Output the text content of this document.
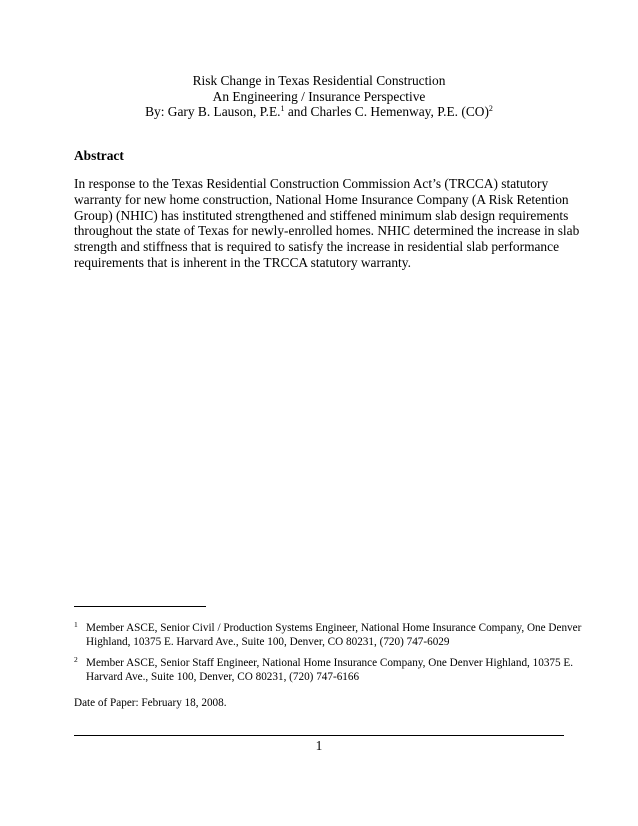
Risk Change in Texas Residential Construction
An Engineering / Insurance Perspective
By: Gary B. Lauson, P.E.$^1$ and Charles C. Hemenway, P.E. (CO)$^2$
Abstract
In response to the Texas Residential Construction Commission Act’s (TRCCA) statutory
warranty for new home construction, National Home Insurance Company (A Risk Retention
Group) (NHIC) has instituted strengthened and stiffened minimum slab design requirements
throughout the state of Texas for newly-enrolled homes. NHIC determined the increase in slab
strength and stiffness that is required to satisfy the increase in residential slab performance
requirements that is inherent in the TRCCA statutory warranty.
1 Member ASCE, Senior Civil / Production Systems Engineer, National Home Insurance Company, One Denver
Highland, 10375 E. Harvard Ave., Suite 100, Denver, CO 80231, (720) 747-6029
2 Member ASCE, Senior Staff Engineer, National Home Insurance Company, One Denver Highland, 10375 E.
Harvard Ave., Suite 100, Denver, CO 80231, (720) 747-6166
Date of Paper: February 18, 2008.
1
